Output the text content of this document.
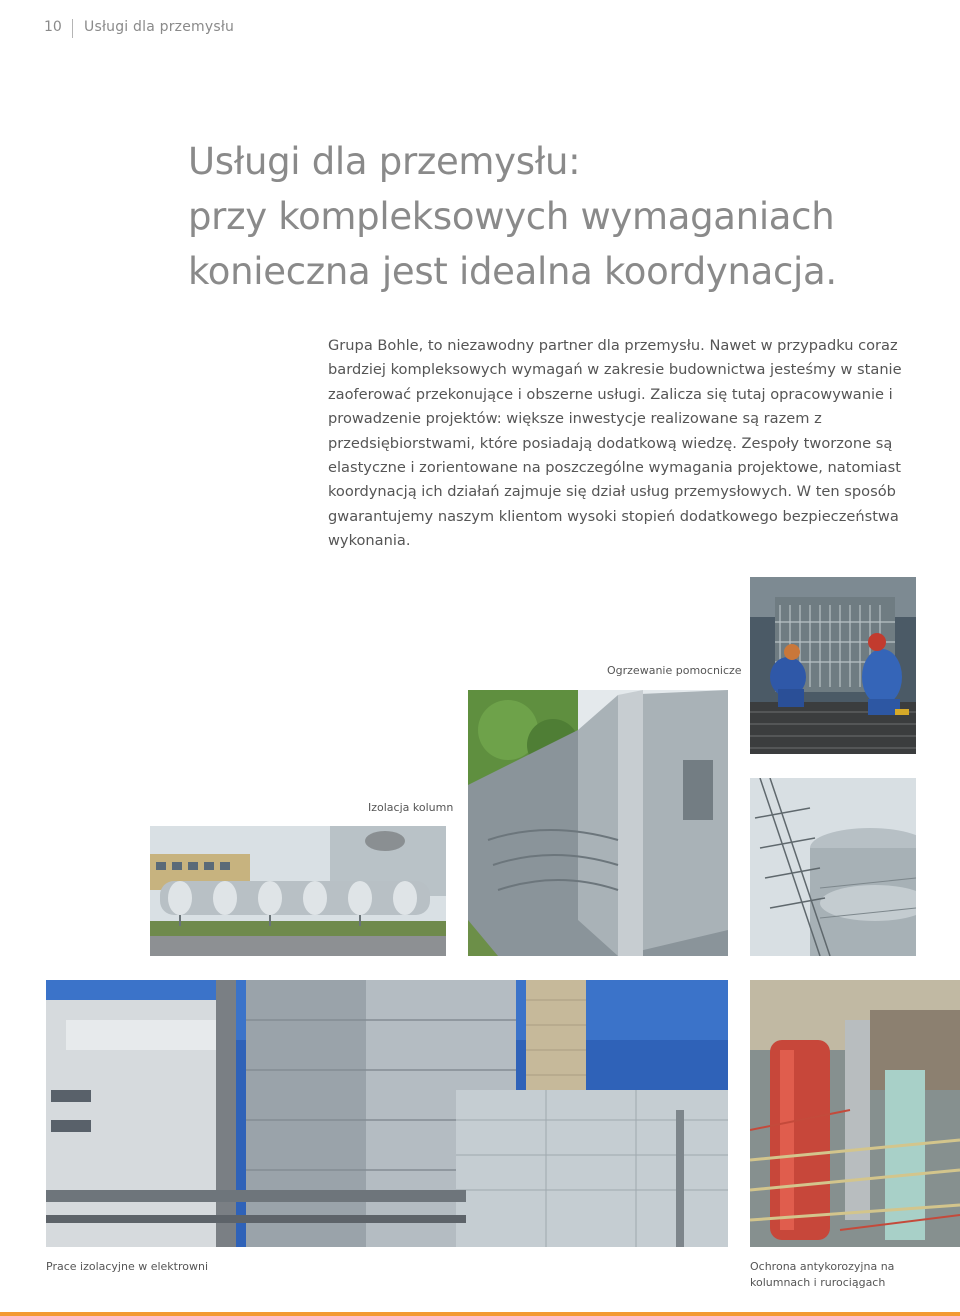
10 Usługi dla przemysłu
Usługi dla przemysłu:
przy kompleksowych wymaganiach
konieczna jest idealna koordynacja.

Grupa Bohle, to niezawodny partner dla przemysłu. Nawet w przypadku coraz bardziej kompleksowych wymagań w zakresie budownictwa jesteśmy w stanie zaoferować przekonujące i obszerne usługi. Zalicza się tutaj opracowywanie i prowadzenie projektów: większe inwestycje realizowane są razem z przedsiębiorstwami, które posiadają dodatkową wiedzę. Zespoły tworzone są elastyczne i zorientowane na poszczególne wymagania projektowe, natomiast koordynacją ich działań zajmuje się dział usług przemysłowych. W ten sposób gwarantujemy naszym klientom wysoki stopień dodatkowego bezpieczeństwa wykonania.

Ogrzewanie pomocnicze
Izolacja kolumn
Prace izolacyjne w elektrowni	Ochrona antykorozyjna na
kolumnach i rurociągach
